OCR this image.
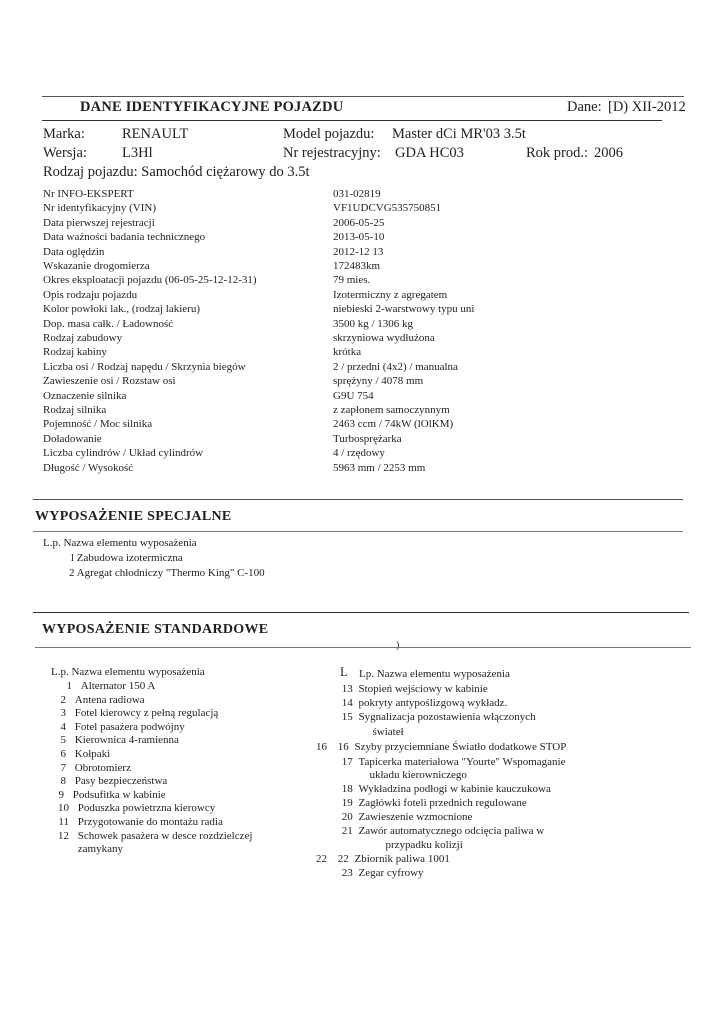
DANE IDENTYFIKACYJNE POJAZDU	Dane: [D) XII-2012
Marka:	RENAULT	Model pojazdu: Master dCi MR'03 3.5t
Wersja: L3Hl	Nr rejestracyjny: GDA HC03	Rok prod.: 2006
Rodzaj pojazdu: Samochód ciężarowy do 3.5t
Nr INFO-EKSPERT	031-02819
Nr identyfikacyjny (VIN)	VF1UDCVG535750851
Data pierwszej rejestracji	2006-05-25
Data ważności badania technicznego	2013-05-10
Data oględzin	2012-12 13
Wskazanie drogomierza	172483km
Okres eksploatacji pojazdu (06-05-25-12-12-31)	79 mies.
Opis rodzaju pojazdu	Izotermiczny z agregatem
Kolor powłoki lak., (rodzaj lakieru)	niebieski 2-warstwowy typu uni
Dop. masa całk. / Ładowność	3500 kg / 1306 kg
Rodzaj zabudowy	skrzyniowa wydłużona
Rodzaj kabiny	krótka
Liczba osi / Rodzaj napędu / Skrzynia biegów	2 / przedni (4x2) / manualna
Zawieszenie osi / Rozstaw osi	sprężyny / 4078 mm
Oznaczenie silnika	G9U 754
Rodzaj silnika	z zapłonem samoczynnym
Pojemność / Moc silnika	2463 ccm / 74kW (lOlKM)
Doładowanie	Turbosprężarka
Liczba cylindrów / Układ cylindrów	4 / rzędowy
Długość / Wysokość	5963 mm / 2253 mm
WYPOSAŻENIE SPECJALNE
L.p. Nazwa elementu wyposażenia
l Zabudowa izotermiczna
2 Agregat chłodniczy "Thermo King" C-100
WYPOSAŻENIE STANDARDOWE
)
L.p. Nazwa elementu wyposażenia
1 Alternator 150 A
2 Antena radiowa
3 Fotel kierowcy z pełną regulacją
4 Fotel pasażera podwójny
5 Kierownica 4-ramienna
6 Kołpaki
7 Obrotomierz
8 Pasy bezpieczeństwa
9 Podsufitka w kabinie
10 Poduszka powietrzna kierowcy
11 Przygotowanie do montażu radia
12 Schowek pasażera w desce rozdzielczej
zamykany
L Lp. Nazwa elementu wyposażenia
13 Stopień wejściowy w kabinie
14 pokryty antypoślizgową wykładz.
15 Sygnalizacja pozostawienia włączonych
świateł
16 16 Szyby przyciemniane Światło dodatkowe STOP
17 Tapicerka materiałowa "Yourte" Wspomaganie
układu kierowniczego
18 Wykładzina podłogi w kabinie kauczukowa
19 Zagłówki foteli przednich regulowane
20 Zawieszenie wzmocnione
21 Zawór automatycznego odcięcia paliwa w
przypadku kolizji
22 22 Zbiornik paliwa 1001
23 Zegar cyfrowy
